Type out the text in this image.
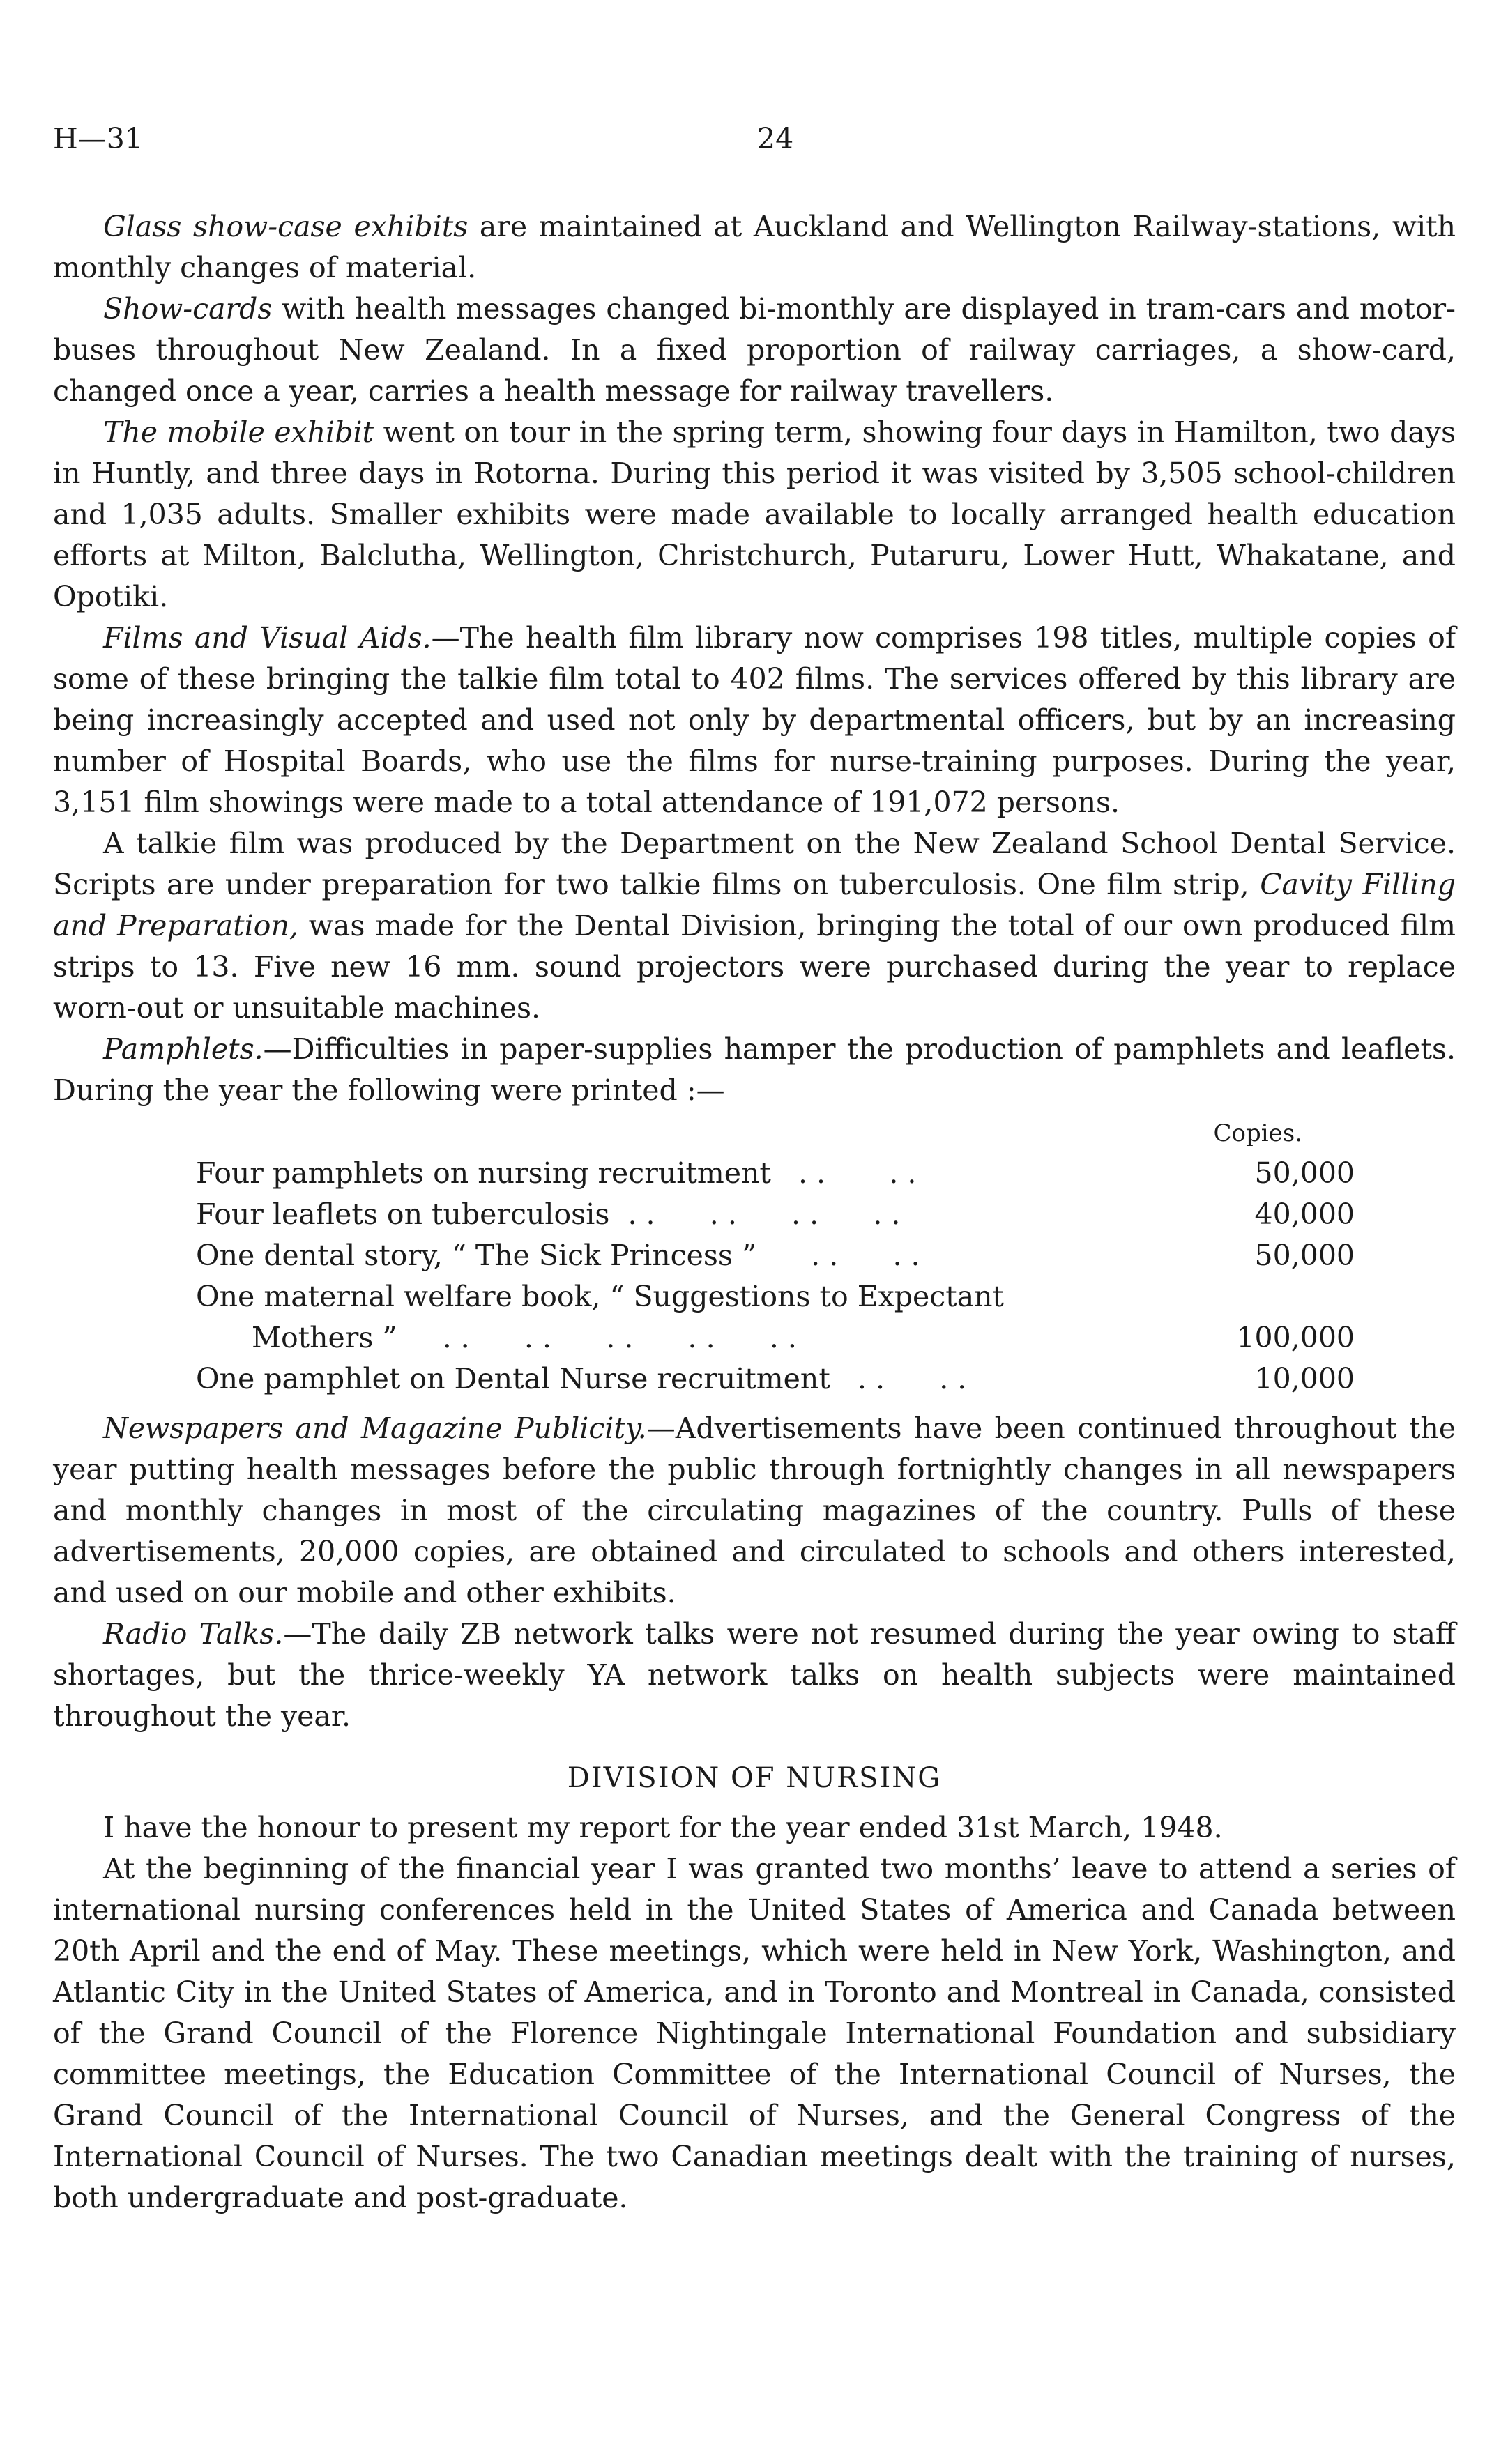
H—31	24

Glass show-case exhibits are maintained at Auckland and Wellington Railway-stations, with monthly changes of material.

Show-cards with health messages changed bi-monthly are displayed in tram-cars and motor-buses throughout New Zealand. In a fixed proportion of railway carriages, a show-card, changed once a year, carries a health message for railway travellers.

The mobile exhibit went on tour in the spring term, showing four days in Hamilton, two days in Huntly, and three days in Rotorna. During this period it was visited by 3,505 school-children and 1,035 adults. Smaller exhibits were made available to locally arranged health education efforts at Milton, Balclutha, Wellington, Christchurch, Putaruru, Lower Hutt, Whakatane, and Opotiki.

Films and Visual Aids.—The health film library now comprises 198 titles, multiple copies of some of these bringing the talkie film total to 402 films. The services offered by this library are being increasingly accepted and used not only by departmental officers, but by an increasing number of Hospital Boards, who use the films for nurse-training purposes. During the year, 3,151 film showings were made to a total attendance of 191,072 persons.

A talkie film was produced by the Department on the New Zealand School Dental Service. Scripts are under preparation for two talkie films on tuberculosis. One film strip, Cavity Filling and Preparation, was made for the Dental Division, bringing the total of our own produced film strips to 13. Five new 16 mm. sound projectors were purchased during the year to replace worn-out or unsuitable machines.

Pamphlets.—Difficulties in paper-supplies hamper the production of pamphlets and leaflets. During the year the following were printed :—

Copies.
Four pamphlets on nursing recruitment   . .       . .	50,000
Four leaflets on tuberculosis  . .      . .      . .      . .	40,000
One dental story, “ The Sick Princess ”      . .      . .	50,000
One maternal welfare book, “ Suggestions to Expectant	
Mothers ”     . .      . .      . .      . .      . .	100,000
One pamphlet on Dental Nurse recruitment   . .      . .	10,000

Newspapers and Magazine Publicity.—Advertisements have been continued throughout the year putting health messages before the public through fortnightly changes in all newspapers and monthly changes in most of the circulating magazines of the country. Pulls of these advertisements, 20,000 copies, are obtained and circulated to schools and others interested, and used on our mobile and other exhibits.

Radio Talks.—The daily ZB network talks were not resumed during the year owing to staff shortages, but the thrice-weekly YA network talks on health subjects were maintained throughout the year.

DIVISION OF NURSING

I have the honour to present my report for the year ended 31st March, 1948.

At the beginning of the financial year I was granted two months’ leave to attend a series of international nursing conferences held in the United States of America and Canada between 20th April and the end of May. These meetings, which were held in New York, Washington, and Atlantic City in the United States of America, and in Toronto and Montreal in Canada, consisted of the Grand Council of the Florence Nightingale International Foundation and subsidiary committee meetings, the Education Committee of the International Council of Nurses, the Grand Council of the International Council of Nurses, and the General Congress of the International Council of Nurses. The two Canadian meetings dealt with the training of nurses, both undergraduate and post-graduate.
